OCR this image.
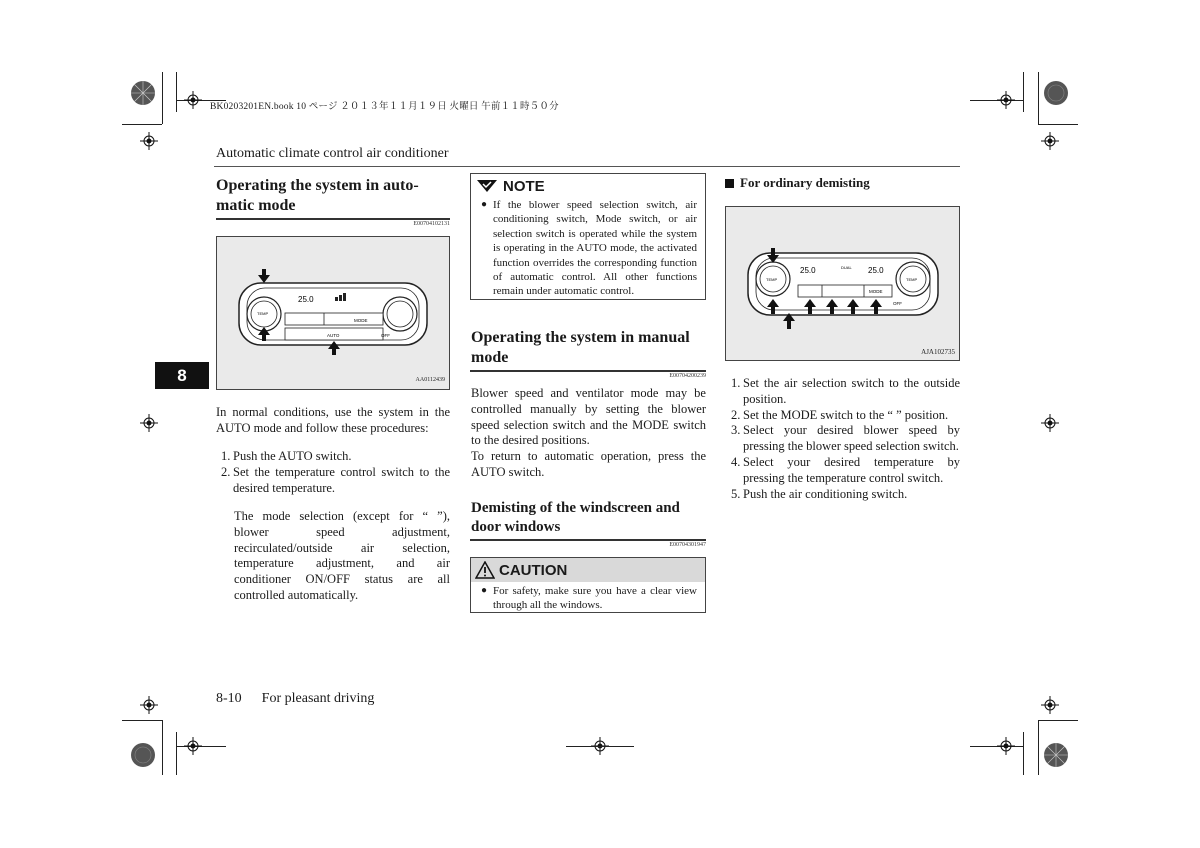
BK0203201EN.book 10 ページ ２０１３年１１月１９日 火曜日 午前１１時５０分
Automatic climate control air conditioner
8
Operating the system in auto-
matic mode
E00704102131
25.0
MODE
AUTO	OFF
TEMP
AA0112439
In normal conditions, use the system in the AUTO mode and follow these procedures:
1. Push the AUTO switch.
2. Set the temperature control switch to the desired temperature.
The mode selection (except for “ ”), blower speed adjustment, recirculated/outside air selection, temperature adjustment, and air conditioner ON/OFF status are all controlled automatically.
NOTE
● If the blower speed selection switch, air conditioning switch, Mode switch, or air selection switch is operated while the system is operating in the AUTO mode, the activated function overrides the corresponding function of automatic control. All other functions remain under automatic control.
Operating the system in manual
mode
E00704200239
Blower speed and ventilator mode may be controlled manually by setting the blower speed selection switch and the MODE switch to the desired positions.
To return to automatic operation, press the AUTO switch.
Demisting of the windscreen and
door windows
E00704301947
CAUTION
● For safety, make sure you have a clear view through all the windows.
For ordinary demisting
25.0	DUAL 25.0
MODE
OFF
TEMP	TEMP
AJA102735
1. Set the air selection switch to the outside position.
2. Set the MODE switch to the “ ” position.
3. Select your desired blower speed by pressing the blower speed selection switch.
4. Select your desired temperature by pressing the temperature control switch.
5. Push the air conditioning switch.
8-10 For pleasant driving
